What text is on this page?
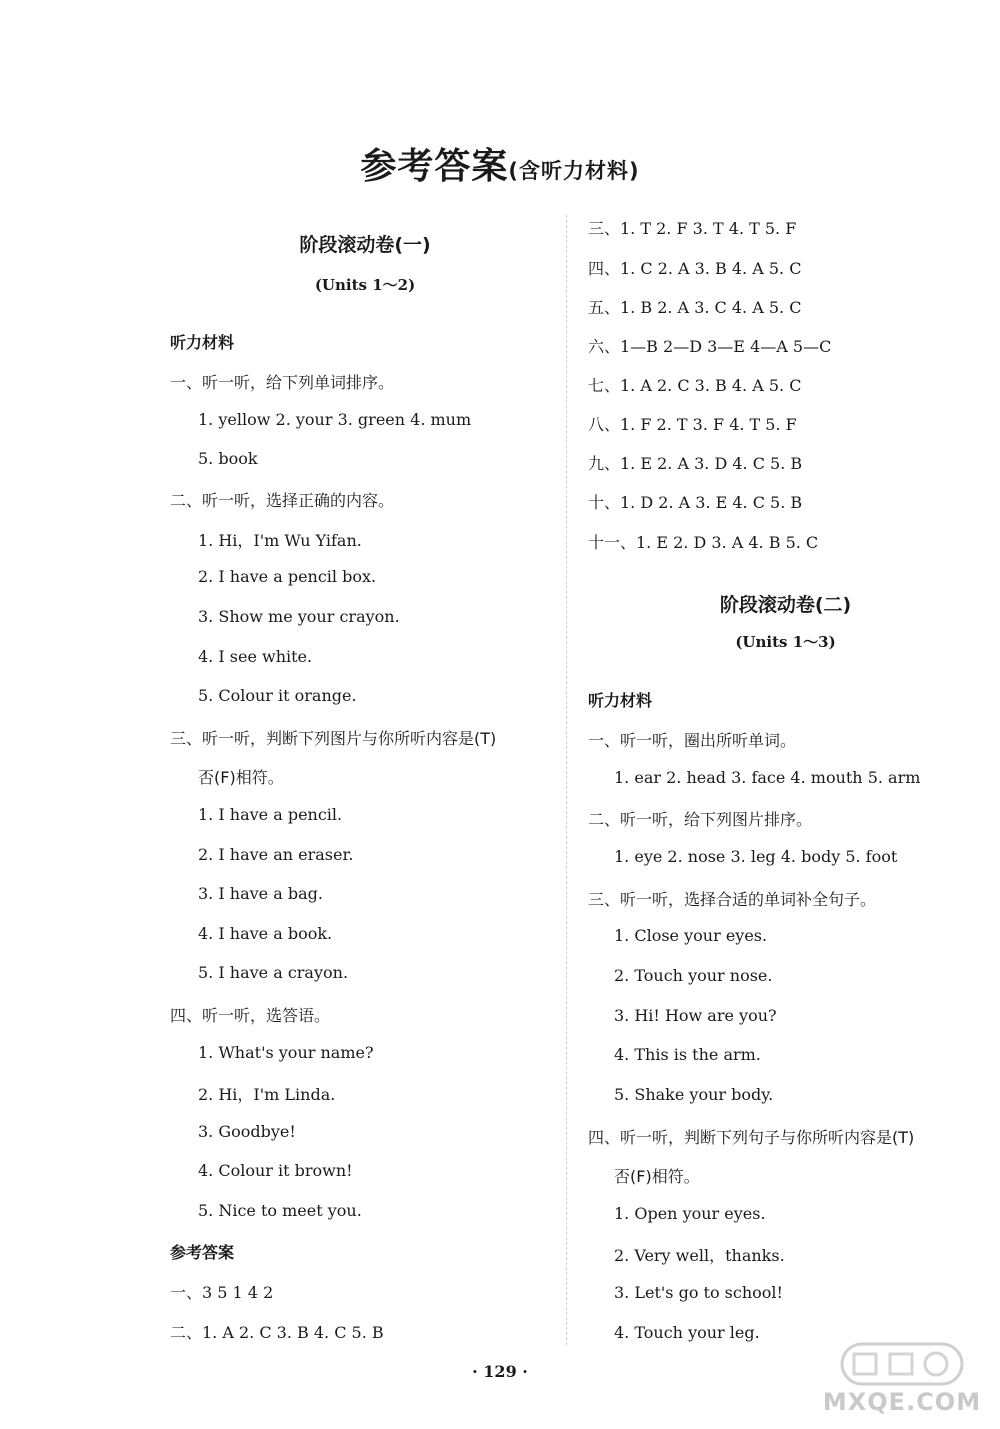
参考答案(含听力材料)
阶段滚动卷(一)
(Units 1～2)
听力材料
一、听一听，给下列单词排序。
1. yellow 2. your 3. green 4. mum
5. book
二、听一听，选择正确的内容。
1. Hi，I'm Wu Yifan.
2. I have a pencil box.
3. Show me your crayon.
4. I see white.
5. Colour it orange.
三、听一听，判断下列图片与你所听内容是(T)
否(F)相符。
1. I have a pencil.
2. I have an eraser.
3. I have a bag.
4. I have a book.
5. I have a crayon.
四、听一听，选答语。
1. What's your name?
2. Hi，I'm Linda.
3. Goodbye!
4. Colour it brown!
5. Nice to meet you.
参考答案
一、3 5 1 4 2
二、1. A 2. C 3. B 4. C 5. B
三、1. T 2. F 3. T 4. T 5. F
四、1. C 2. A 3. B 4. A 5. C
五、1. B 2. A 3. C 4. A 5. C
六、1—B 2—D 3—E 4—A 5—C
七、1. A 2. C 3. B 4. A 5. C
八、1. F 2. T 3. F 4. T 5. F
九、1. E 2. A 3. D 4. C 5. B
十、1. D 2. A 3. E 4. C 5. B
十一、1. E 2. D 3. A 4. B 5. C
阶段滚动卷(二)
(Units 1～3)
听力材料
一、听一听，圈出所听单词。
1. ear 2. head 3. face 4. mouth 5. arm
二、听一听，给下列图片排序。
1. eye 2. nose 3. leg 4. body 5. foot
三、听一听，选择合适的单词补全句子。
1. Close your eyes.
2. Touch your nose.
3. Hi! How are you?
4. This is the arm.
5. Shake your body.
四、听一听，判断下列句子与你所听内容是(T)
否(F)相符。
1. Open your eyes.
2. Very well，thanks.
3. Let's go to school!
4. Touch your leg.
· 129 ·
MXQE.COM
